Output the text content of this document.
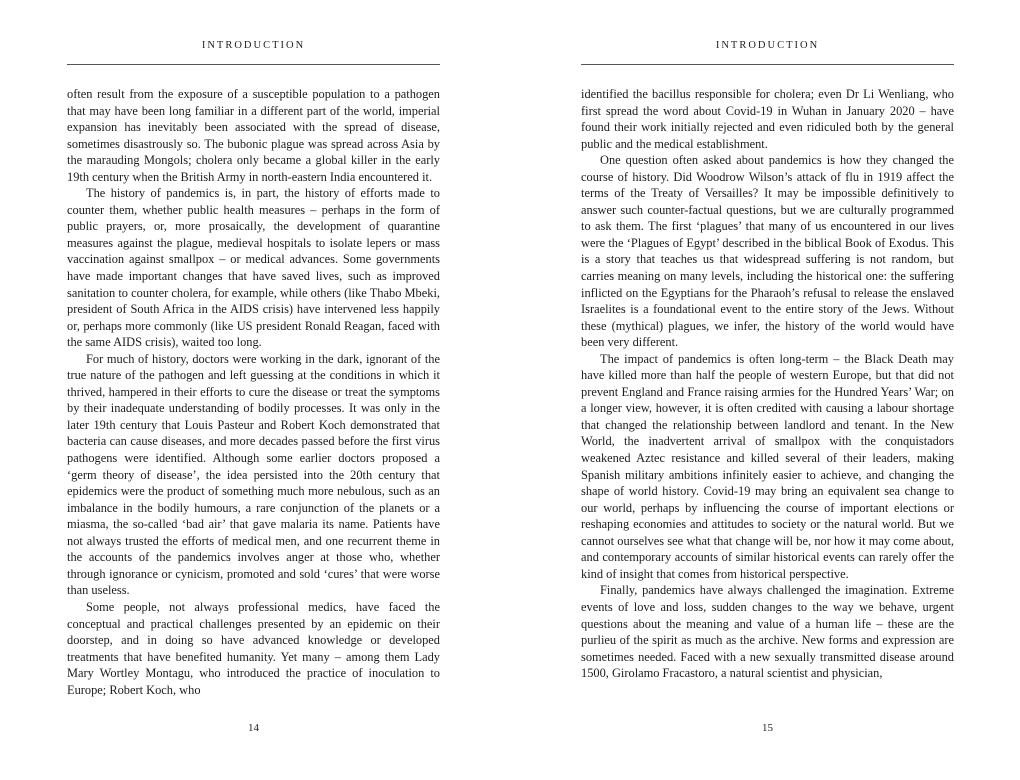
INTRODUCTION

often result from the exposure of a susceptible population to a pathogen that may have been long familiar in a different part of the world, imperial expansion has inevitably been associated with the spread of disease, sometimes disastrously so. The bubonic plague was spread across Asia by the marauding Mongols; cholera only became a global killer in the early 19th century when the British Army in north-eastern India encountered it.

The history of pandemics is, in part, the history of efforts made to counter them, whether public health measures – perhaps in the form of public prayers, or, more prosaically, the development of quarantine measures against the plague, medieval hospitals to isolate lepers or mass vaccination against smallpox – or medical advances. Some governments have made important changes that have saved lives, such as improved sanitation to counter cholera, for example, while others (like Thabo Mbeki, president of South Africa in the AIDS crisis) have intervened less happily or, perhaps more commonly (like US president Ronald Reagan, faced with the same AIDS crisis), waited too long.

For much of history, doctors were working in the dark, ignorant of the true nature of the pathogen and left guessing at the conditions in which it thrived, hampered in their efforts to cure the disease or treat the symptoms by their inadequate understanding of bodily processes. It was only in the later 19th century that Louis Pasteur and Robert Koch demonstrated that bacteria can cause diseases, and more decades passed before the first virus pathogens were identified. Although some earlier doctors proposed a ‘germ theory of disease’, the idea persisted into the 20th century that epidemics were the product of something much more nebulous, such as an imbalance in the bodily humours, a rare conjunction of the planets or a miasma, the so-called ‘bad air’ that gave malaria its name. Patients have not always trusted the efforts of medical men, and one recurrent theme in the accounts of the pandemics involves anger at those who, whether through ignorance or cynicism, promoted and sold ‘cures’ that were worse than useless.

Some people, not always professional medics, have faced the conceptual and practical challenges presented by an epidemic on their doorstep, and in doing so have advanced knowledge or developed treatments that have benefited humanity. Yet many – among them Lady Mary Wortley Montagu, who introduced the practice of inoculation to Europe; Robert Koch, who

14
INTRODUCTION

identified the bacillus responsible for cholera; even Dr Li Wenliang, who first spread the word about Covid-19 in Wuhan in January 2020 – have found their work initially rejected and even ridiculed both by the general public and the medical establishment.

One question often asked about pandemics is how they changed the course of history. Did Woodrow Wilson’s attack of flu in 1919 affect the terms of the Treaty of Versailles? It may be impossible definitively to answer such counter-factual questions, but we are culturally programmed to ask them. The first ‘plagues’ that many of us encountered in our lives were the ‘Plagues of Egypt’ described in the biblical Book of Exodus. This is a story that teaches us that widespread suffering is not random, but carries meaning on many levels, including the historical one: the suffering inflicted on the Egyptians for the Pharaoh’s refusal to release the enslaved Israelites is a foundational event to the entire story of the Jews. Without these (mythical) plagues, we infer, the history of the world would have been very different.

The impact of pandemics is often long-term – the Black Death may have killed more than half the people of western Europe, but that did not prevent England and France raising armies for the Hundred Years’ War; on a longer view, however, it is often credited with causing a labour shortage that changed the relationship between landlord and tenant. In the New World, the inadvertent arrival of smallpox with the conquistadors weakened Aztec resistance and killed several of their leaders, making Spanish military ambitions infinitely easier to achieve, and changing the shape of world history. Covid-19 may bring an equivalent sea change to our world, perhaps by influencing the course of important elections or reshaping economies and attitudes to society or the natural world. But we cannot ourselves see what that change will be, nor how it may come about, and contemporary accounts of similar historical events can rarely offer the kind of insight that comes from historical perspective.

Finally, pandemics have always challenged the imagination. Extreme events of love and loss, sudden changes to the way we behave, urgent questions about the meaning and value of a human life – these are the purlieu of the spirit as much as the archive. New forms and expression are sometimes needed. Faced with a new sexually transmitted disease around 1500, Girolamo Fracastoro, a natural scientist and physician,

15
